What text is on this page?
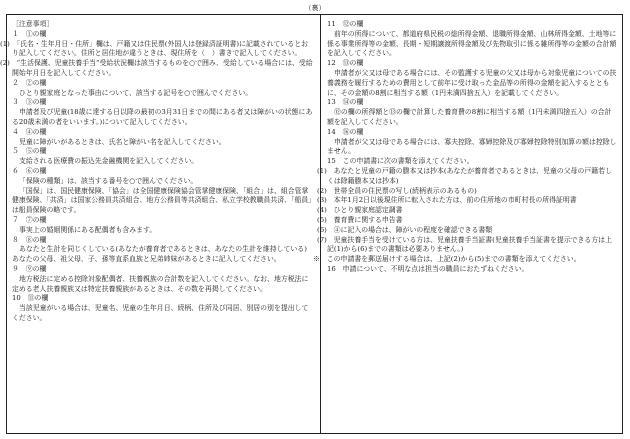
（裏）

［注意事項］

１　①の欄

(1)　「氏名・生年月日・住所」欄は、戸籍又は住民票(外国人は登録済証明書)に記載されているとおり記入してください。住所と居住地が違うときは、現住所を（　）書きで記入してください。

(2)　“生活保護、児童扶養手当”受給状況欄は該当するものを○で囲み、受給している場合には、受給開始年月日を記入してください。

２　②の欄

ひとり親家庭となった事由について、該当する記号を○で囲んでください。

３　③の欄

申請者及び児童(18歳に達する日以降の最初の3月31日までの間にある者又は障がいの状態にある20歳未満の者をいいます。)について記入してください。

４　④の欄

児童に障がいがあるときは、氏名と障がい名を記入してください。

５　⑤の欄

支給される医療費の振込先金融機関を記入してください。

６　⑥の欄

「保険の種類」は、該当する番号を○で囲んでください。

「国保」は、国民健康保険、「協会」は全国健康保険協会管掌健康保険、「組合」は、組合管掌健康保険、「共済」は国家公務員共済組合、地方公務員等共済組合、私立学校教職員共済、「船員」は船員保険の略です。

７　⑦の欄

事実上の婚姻関係にある配偶者も含みます。

８　⑧の欄

あなたと生計を同じくしている(あなたが養育者であるときは、あなたの生計を維持している)あなたの父母、祖父母、子、孫等直系血族と兄弟姉妹があるときに記入してください。

９　⑨の欄

地方税法に定める控除対象配偶者、扶養親族の合計数を記入してください。なお、地方税法に定める老人扶養親族又は特定扶養親族があるときは、その数を再掲してください。

10　⑪の欄

当該児童がいる場合は、児童名、児童の生年月日、続柄、住所及び同居、別居の別を提出してください。

11　⑫の欄

前年の所得について、都道府県民税の総所得金額、退職所得金額、山林所得金額、土地等に係る事業所得等の金額、長期・短期譲渡所得金額及び先物取引に係る雑所得等の金額の合計額を記入してください。

12　⑬の欄

申請者が父又は母である場合には、その監護する児童の父又は母から対象児童についての扶養義務を履行するための費用として前年に受け取った金品等の所得の金額を記入するとともに、その金額の8割に相当する額（1円未満四捨五入）を記載してください。

13　⑭の欄

⑫の欄の所得額と⑬の欄で計算した養育費の8割に相当する額（1円未満四捨五入）の合計額を記入してください。

14　⑯の欄

申請者が父又は母である場合には、寡夫控除、寡婦控除及び寡婦控除特別加算の額は控除しません。

15　この申請書に次の書類を添えてください。

(1)　あなたと児童の戸籍の謄本又は抄本(あなたが養育者であるときは、児童の父母の戸籍若しくは除籍謄本又は抄本)

(2)　世帯全員の住民票の写し(続柄表示のあるもの)

(3)　本年1月2日以後現住所に転入された方は、前の住所地の市町村長の所得証明書

(4)　ひとり親家庭認定調書

(5)　養育費に関する申告書

(6)　④に記入の場合は、障がいの程度を確認できる書類

(7)　児童扶養手当を受けている方は、児童扶養手当証書(児童扶養手当証書を提示できる方は上記(1)から(6)までの書類は必要ありません。)

※　この申請書を郵送届けする場合は、上記(2)から(5)までの書類を添えてください。

16　申請について、不明な点は担当の職員におたずねください。
